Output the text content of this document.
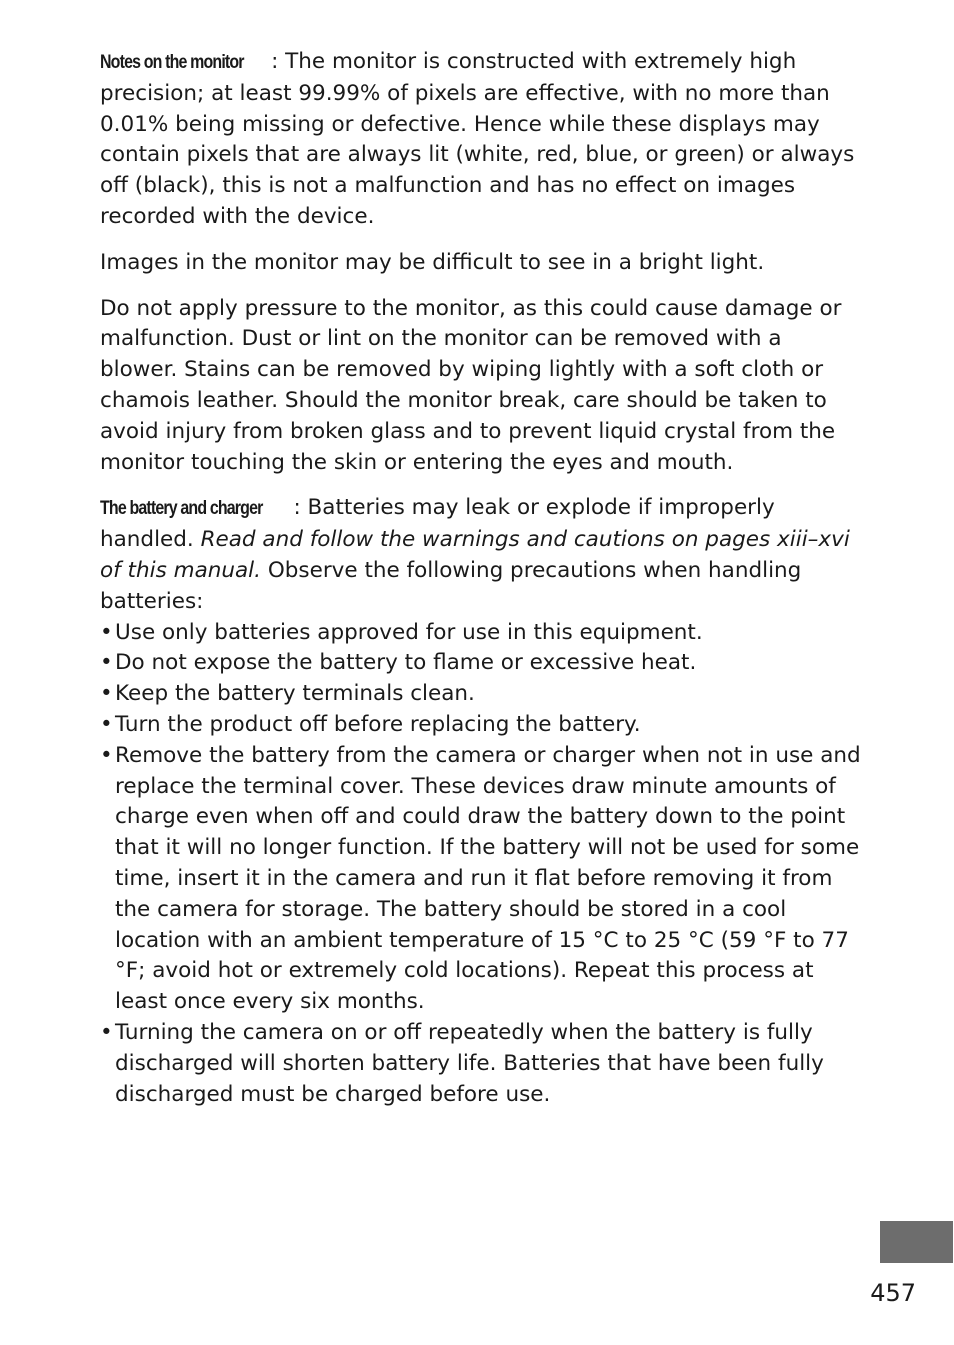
Notes on the monitor : The monitor is constructed with extremely high precision; at least 99.99% of pixels are effective, with no more than 0.01% being missing or defective. Hence while these displays may contain pixels that are always lit (white, red, blue, or green) or always off (black), this is not a malfunction and has no effect on images recorded with the device.

Images in the monitor may be difficult to see in a bright light.

Do not apply pressure to the monitor, as this could cause damage or malfunction. Dust or lint on the monitor can be removed with a blower. Stains can be removed by wiping lightly with a soft cloth or chamois leather. Should the monitor break, care should be taken to avoid injury from broken glass and to prevent liquid crystal from the monitor touching the skin or entering the eyes and mouth.

The battery and charger : Batteries may leak or explode if improperly handled. Read and follow the warnings and cautions on pages xiii–xvi of this manual. Observe the following precautions when handling batteries:

• Use only batteries approved for use in this equipment.
• Do not expose the battery to flame or excessive heat.
• Keep the battery terminals clean.
• Turn the product off before replacing the battery.
• Remove the battery from the camera or charger when not in use and replace the terminal cover. These devices draw minute amounts of charge even when off and could draw the battery down to the point that it will no longer function. If the battery will not be used for some time, insert it in the camera and run it flat before removing it from the camera for storage. The battery should be stored in a cool location with an ambient temperature of 15 °C to 25 °C (59 °F to 77 °F; avoid hot or extremely cold locations). Repeat this process at least once every six months.
• Turning the camera on or off repeatedly when the battery is fully discharged will shorten battery life. Batteries that have been fully discharged must be charged before use.
457
